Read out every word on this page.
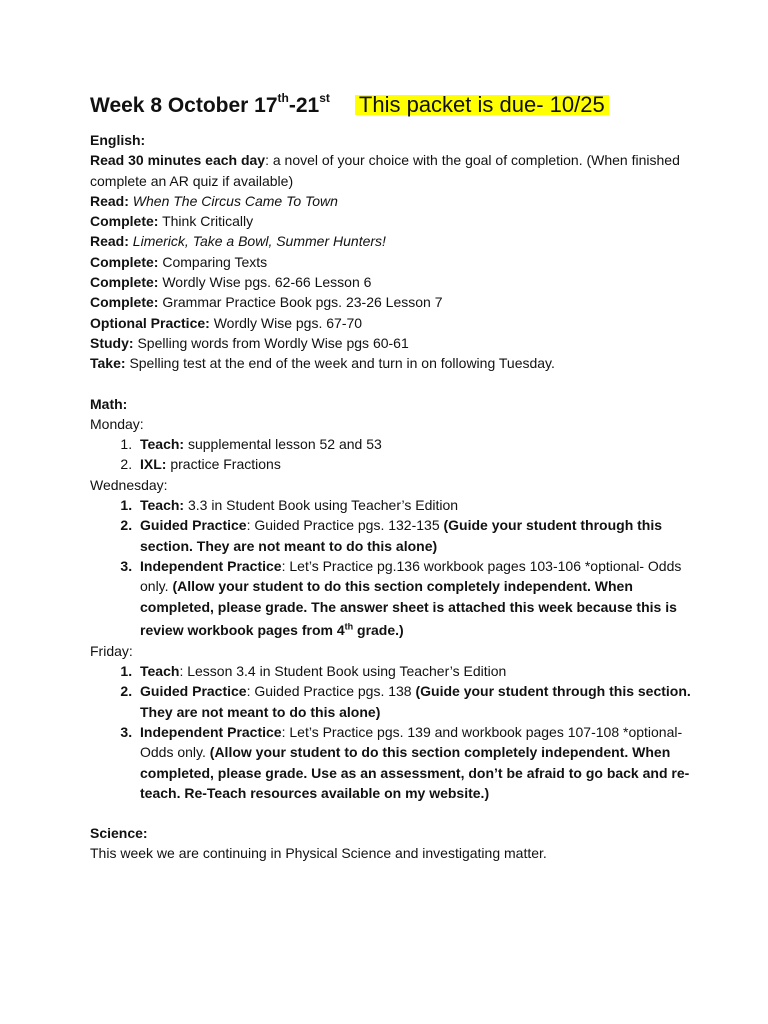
Week 8 October 17th-21st This packet is due- 10/25
English:
Read 30 minutes each day: a novel of your choice with the goal of completion. (When finished complete an AR quiz if available)
Read: When The Circus Came To Town
Complete: Think Critically
Read: Limerick, Take a Bowl, Summer Hunters!
Complete: Comparing Texts
Complete: Wordly Wise pgs. 62-66 Lesson 6
Complete: Grammar Practice Book pgs. 23-26 Lesson 7
Optional Practice: Wordly Wise pgs. 67-70
Study: Spelling words from Wordly Wise pgs 60-61
Take: Spelling test at the end of the week and turn in on following Tuesday.
Math:
Monday:
1. Teach: supplemental lesson 52 and 53
2. IXL: practice Fractions
Wednesday:
1. Teach: 3.3 in Student Book using Teacher’s Edition
2. Guided Practice: Guided Practice pgs. 132-135 (Guide your student through this section. They are not meant to do this alone)
3. Independent Practice: Let’s Practice pg.136 workbook pages 103-106 *optional- Odds only. (Allow your student to do this section completely independent. When completed, please grade. The answer sheet is attached this week because this is review workbook pages from 4th grade.)
Friday:
1. Teach: Lesson 3.4 in Student Book using Teacher’s Edition
2. Guided Practice: Guided Practice pgs. 138 (Guide your student through this section. They are not meant to do this alone)
3. Independent Practice: Let’s Practice pgs. 139 and workbook pages 107-108 *optional- Odds only. (Allow your student to do this section completely independent. When completed, please grade. Use as an assessment, don’t be afraid to go back and re-teach. Re-Teach resources available on my website.)
Science:
This week we are continuing in Physical Science and investigating matter.
